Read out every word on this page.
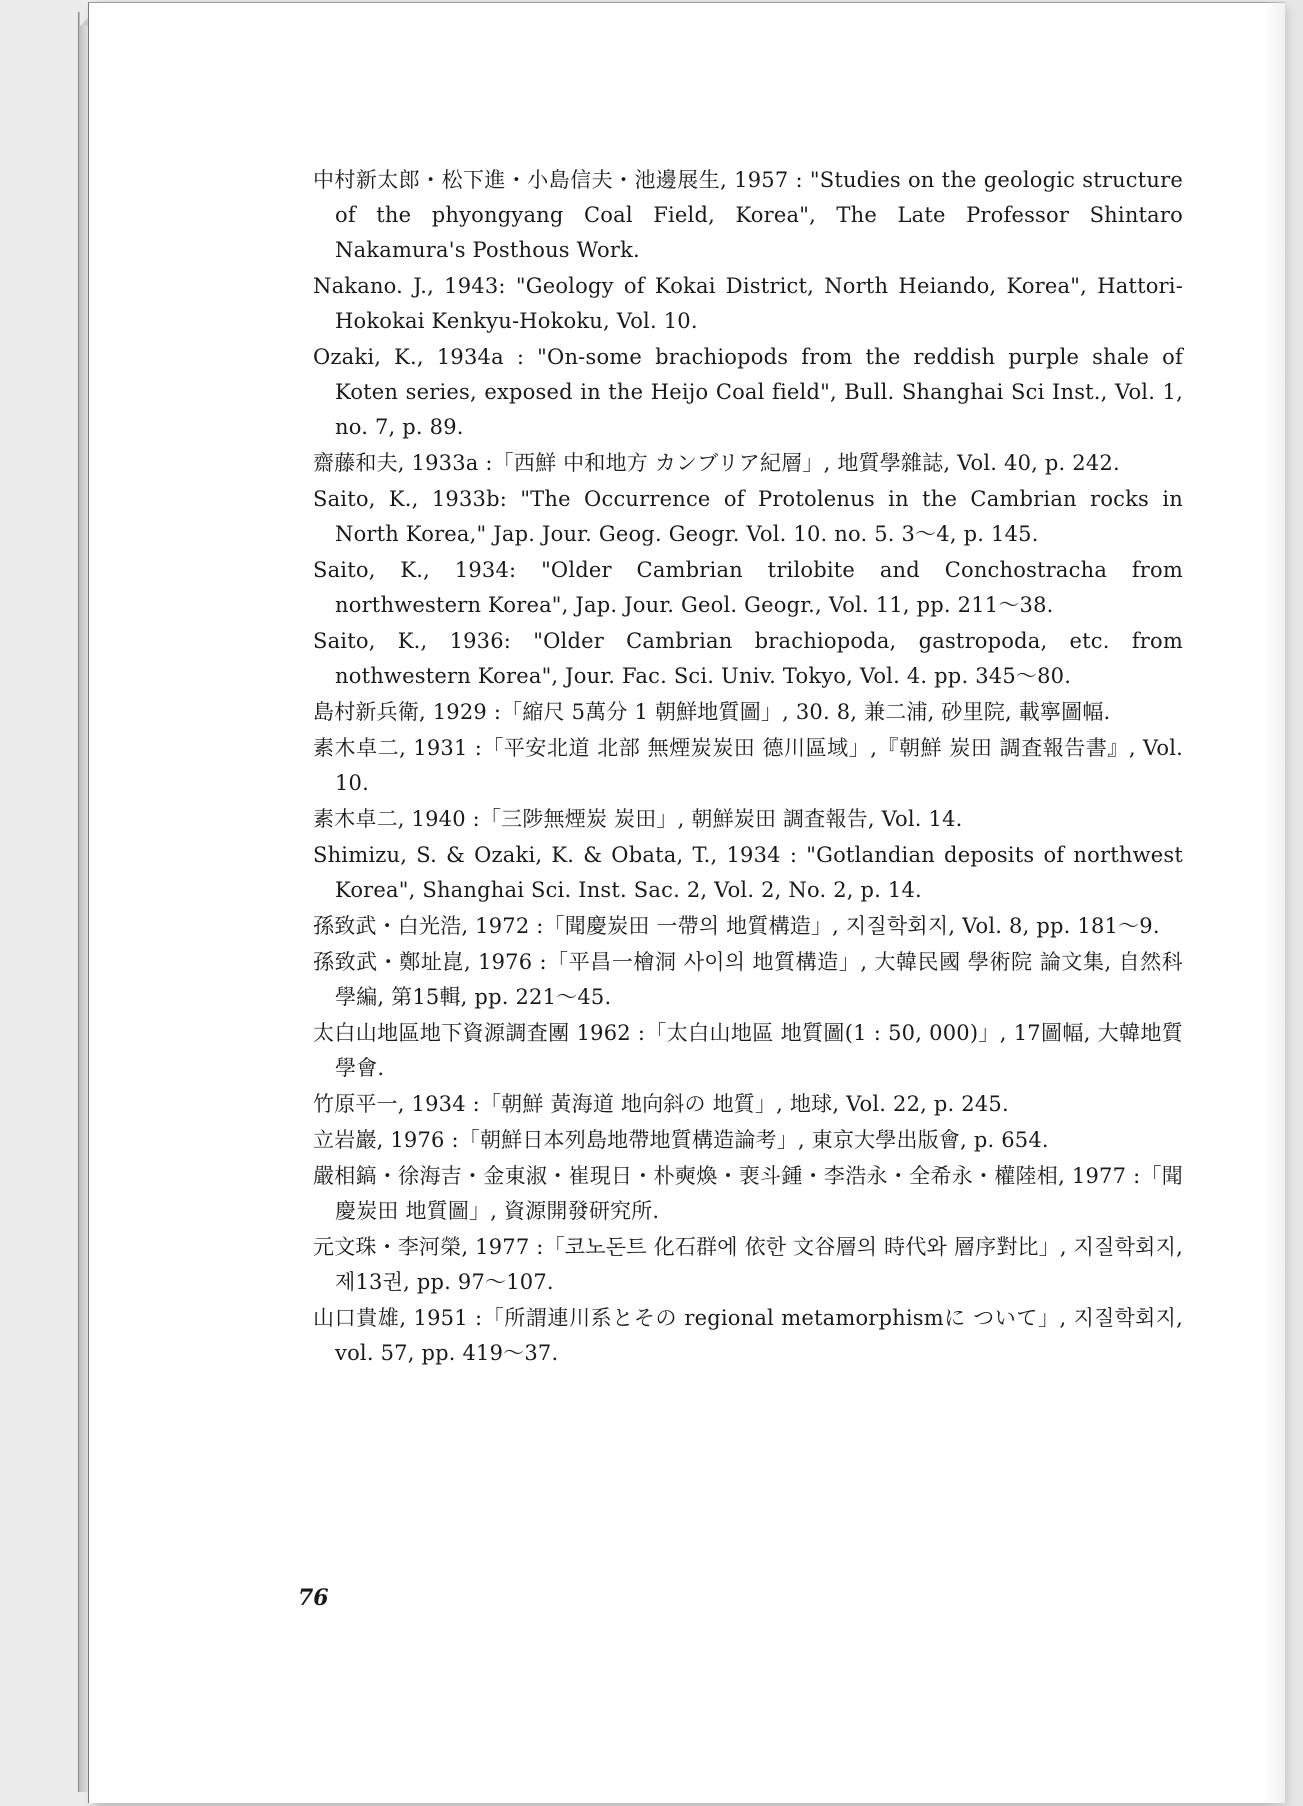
中村新太郎・松下進・小島信夫・池邊展生, 1957 : "Studies on the geologic structure of the phyongyang Coal Field, Korea", The Late Professor Shintaro Nakamura's Posthous Work.

Nakano. J., 1943: "Geology of Kokai District, North Heiando, Korea", Hattori-Hokokai Kenkyu-Hokoku, Vol. 10.

Ozaki, K., 1934a : "On-some brachiopods from the reddish purple shale of Koten series, exposed in the Heijo Coal field", Bull. Shanghai Sci Inst., Vol. 1, no. 7, p. 89.

齋藤和夫, 1933a :「西鮮 中和地方 カンブリア紀層」, 地質學雜誌, Vol. 40, p. 242.

Saito, K., 1933b: "The Occurrence of Protolenus in the Cambrian rocks in North Korea," Jap. Jour. Geog. Geogr. Vol. 10. no. 5. 3〜4, p. 145.

Saito, K., 1934: "Older Cambrian trilobite and Conchostracha from northwestern Korea", Jap. Jour. Geol. Geogr., Vol. 11, pp. 211〜38.

Saito, K., 1936: "Older Cambrian brachiopoda, gastropoda, etc. from nothwestern Korea", Jour. Fac. Sci. Univ. Tokyo, Vol. 4. pp. 345〜80.

島村新兵衛, 1929 :「縮尺 5萬分 1 朝鮮地質圖」, 30. 8, 兼二浦, 砂里院, 載寧圖幅.

素木卓二, 1931 :「平安北道 北部 無煙炭炭田 德川區域」,『朝鮮 炭田 調査報告書』, Vol. 10.

素木卓二, 1940 :「三陟無煙炭 炭田」, 朝鮮炭田 調査報告, Vol. 14.

Shimizu, S. & Ozaki, K. & Obata, T., 1934 : "Gotlandian deposits of northwest Korea", Shanghai Sci. Inst. Sac. 2, Vol. 2, No. 2, p. 14.

孫致武・白光浩, 1972 :「聞慶炭田 一帶의 地質構造」, 지질학회지, Vol. 8, pp. 181〜9.

孫致武・鄭址崑, 1976 :「平昌一檜洞 사이의 地質構造」, 大韓民國 學術院 論文集, 自然科學編, 第15輯, pp. 221〜45.

太白山地區地下資源調査團 1962 :「太白山地區 地質圖(1 : 50, 000)」, 17圖幅, 大韓地質學會.

竹原平一, 1934 :「朝鮮 黃海道 地向斜の 地質」, 地球, Vol. 22, p. 245.

立岩巖, 1976 :「朝鮮日本列島地帶地質構造論考」, 東京大學出版會, p. 654.

嚴相鎬・徐海吉・金東淑・崔現日・朴奭煥・裵斗鍾・李浩永・全希永・權陸相, 1977 :「聞慶炭田 地質圖」, 資源開發研究所.

元文珠・李河榮, 1977 :「코노돈트 化石群에 依한 文谷層의 時代와 層序對比」, 지질학회지, 제13권, pp. 97〜107.

山口貴雄, 1951 :「所謂連川系とその regional metamorphismに ついて」, 지질학회지, vol. 57, pp. 419〜37.

76
